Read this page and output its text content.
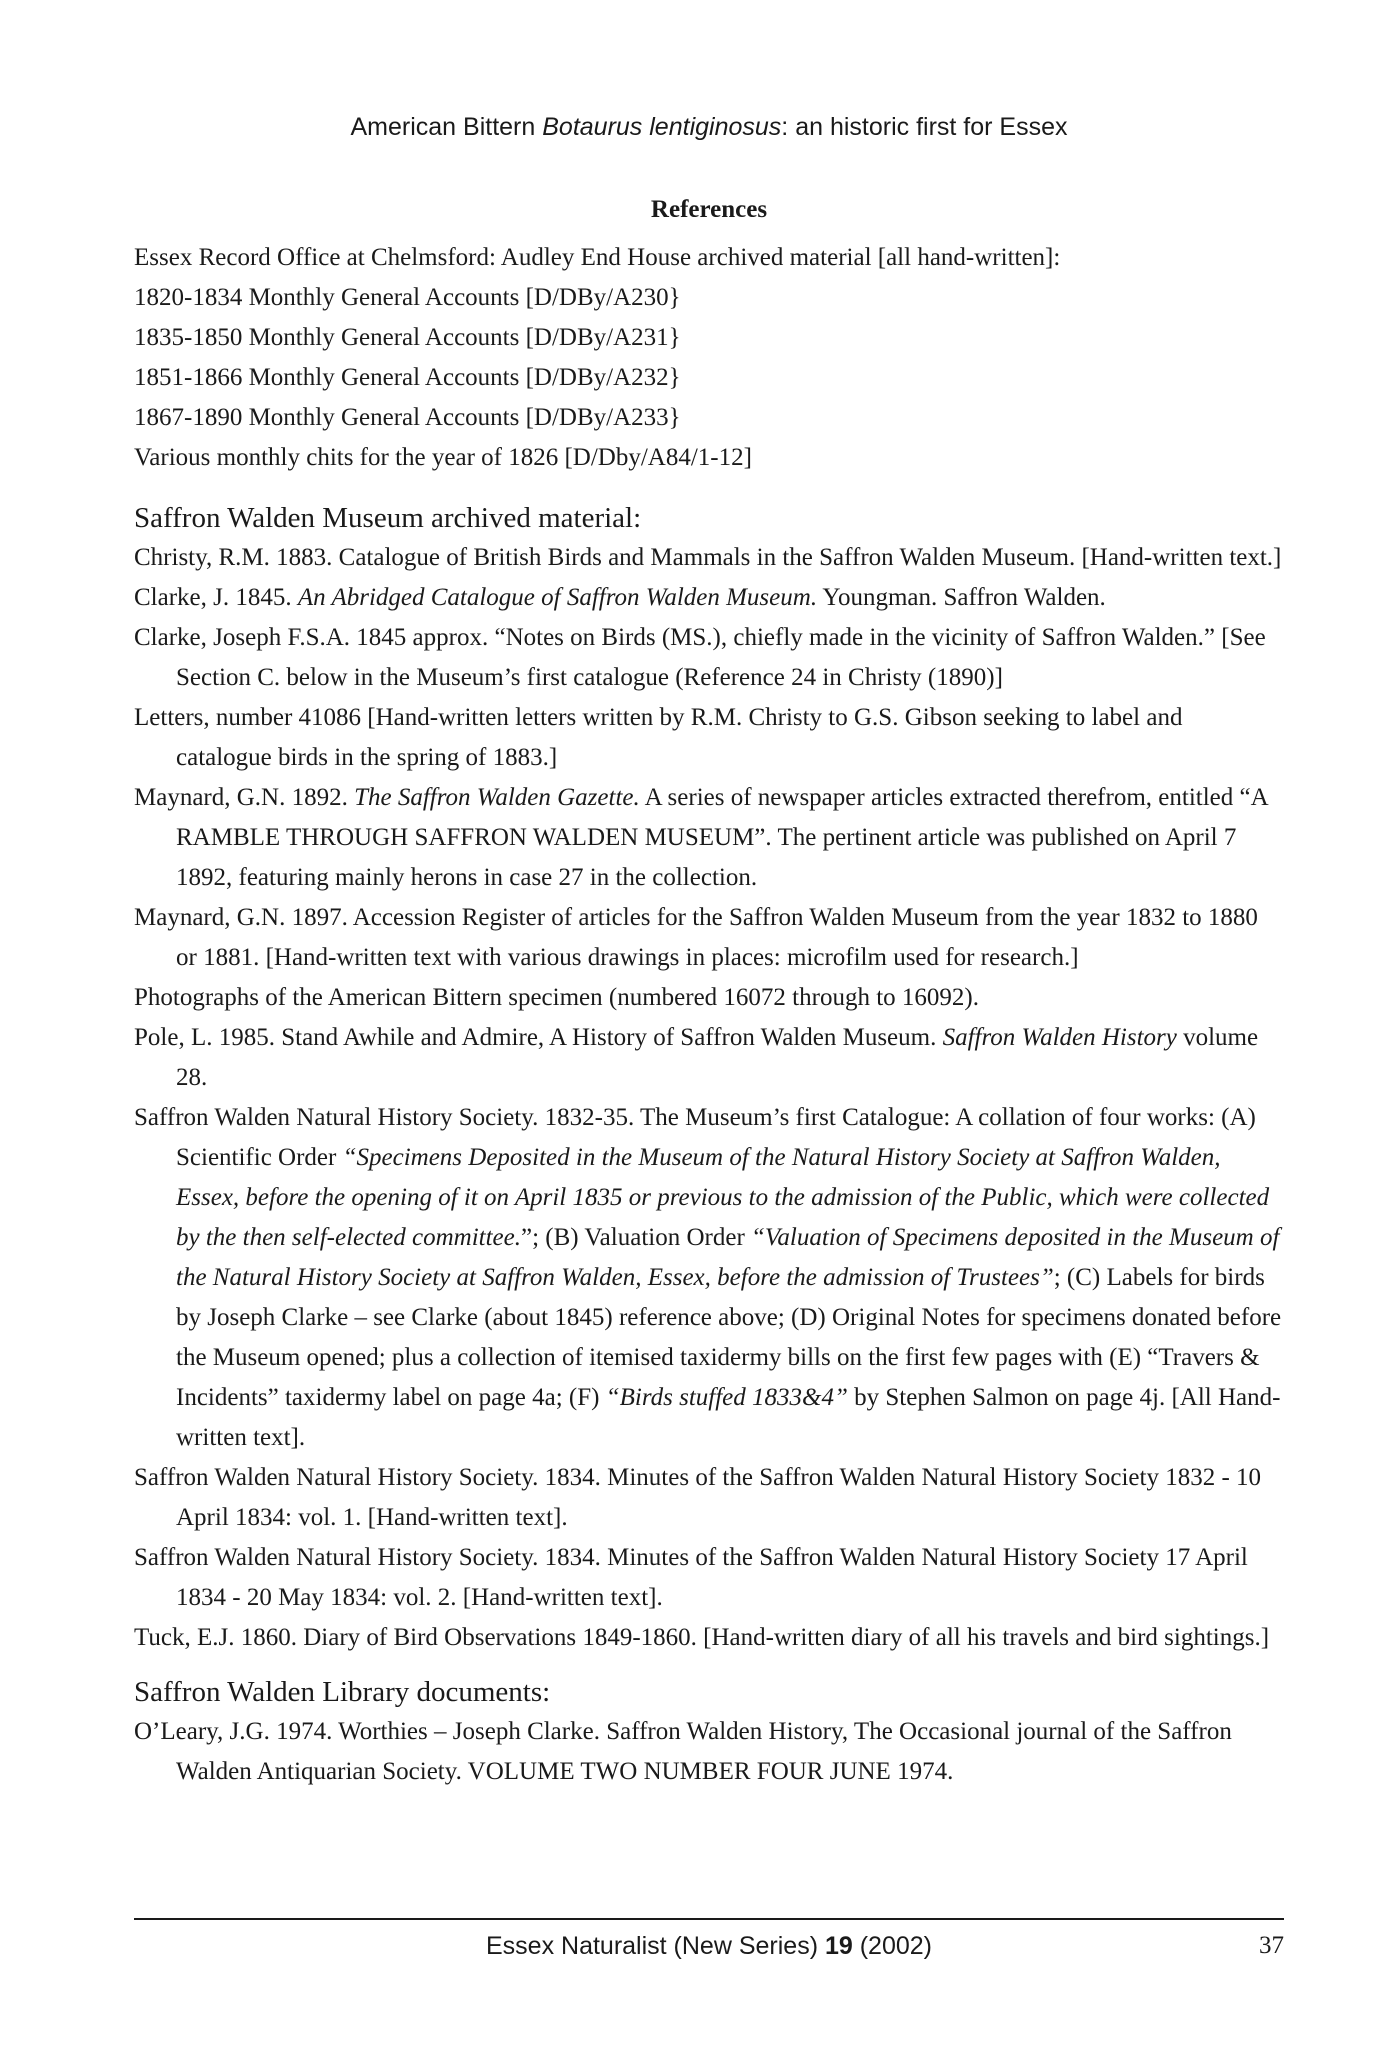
American Bittern Botaurus lentiginosus: an historic first for Essex

References

Essex Record Office at Chelmsford: Audley End House archived material [all hand-written]:

1820-1834 Monthly General Accounts [D/DBy/A230}

1835-1850 Monthly General Accounts [D/DBy/A231}

1851-1866 Monthly General Accounts [D/DBy/A232}

1867-1890 Monthly General Accounts [D/DBy/A233}

Various monthly chits for the year of 1826 [D/Dby/A84/1-12]

Saffron Walden Museum archived material:

Christy, R.M. 1883. Catalogue of British Birds and Mammals in the Saffron Walden Museum. [Hand-written text.]

Clarke, J. 1845. An Abridged Catalogue of Saffron Walden Museum. Youngman. Saffron Walden.

Clarke, Joseph F.S.A. 1845 approx. “Notes on Birds (MS.), chiefly made in the vicinity of Saffron Walden.” [See Section C. below in the Museum’s first catalogue (Reference 24 in Christy (1890)]

Letters, number 41086 [Hand-written letters written by R.M. Christy to G.S. Gibson seeking to label and catalogue birds in the spring of 1883.]

Maynard, G.N. 1892. The Saffron Walden Gazette. A series of newspaper articles extracted therefrom, entitled “A RAMBLE THROUGH SAFFRON WALDEN MUSEUM”. The pertinent article was published on April 7 1892, featuring mainly herons in case 27 in the collection.

Maynard, G.N. 1897. Accession Register of articles for the Saffron Walden Museum from the year 1832 to 1880 or 1881. [Hand-written text with various drawings in places: microfilm used for research.]

Photographs of the American Bittern specimen (numbered 16072 through to 16092).

Pole, L. 1985. Stand Awhile and Admire, A History of Saffron Walden Museum. Saffron Walden History volume 28.

Saffron Walden Natural History Society. 1832-35. The Museum’s first Catalogue: A collation of four works: (A) Scientific Order “Specimens Deposited in the Museum of the Natural History Society at Saffron Walden, Essex, before the opening of it on April 1835 or previous to the admission of the Public, which were collected by the then self-elected committee.”; (B) Valuation Order “Valuation of Specimens deposited in the Museum of the Natural History Society at Saffron Walden, Essex, before the admission of Trustees”; (C) Labels for birds by Joseph Clarke – see Clarke (about 1845) reference above; (D) Original Notes for specimens donated before the Museum opened; plus a collection of itemised taxidermy bills on the first few pages with (E) “Travers & Incidents” taxidermy label on page 4a; (F) “Birds stuffed 1833&4” by Stephen Salmon on page 4j. [All Hand-written text].

Saffron Walden Natural History Society. 1834. Minutes of the Saffron Walden Natural History Society 1832 - 10 April 1834: vol. 1. [Hand-written text].

Saffron Walden Natural History Society. 1834. Minutes of the Saffron Walden Natural History Society 17 April 1834 - 20 May 1834: vol. 2. [Hand-written text].

Tuck, E.J. 1860. Diary of Bird Observations 1849-1860. [Hand-written diary of all his travels and bird sightings.]

Saffron Walden Library documents:

O’Leary, J.G. 1974. Worthies – Joseph Clarke. Saffron Walden History, The Occasional journal of the Saffron Walden Antiquarian Society. VOLUME TWO NUMBER FOUR JUNE 1974.

Essex Naturalist (New Series) 19 (2002)	37
